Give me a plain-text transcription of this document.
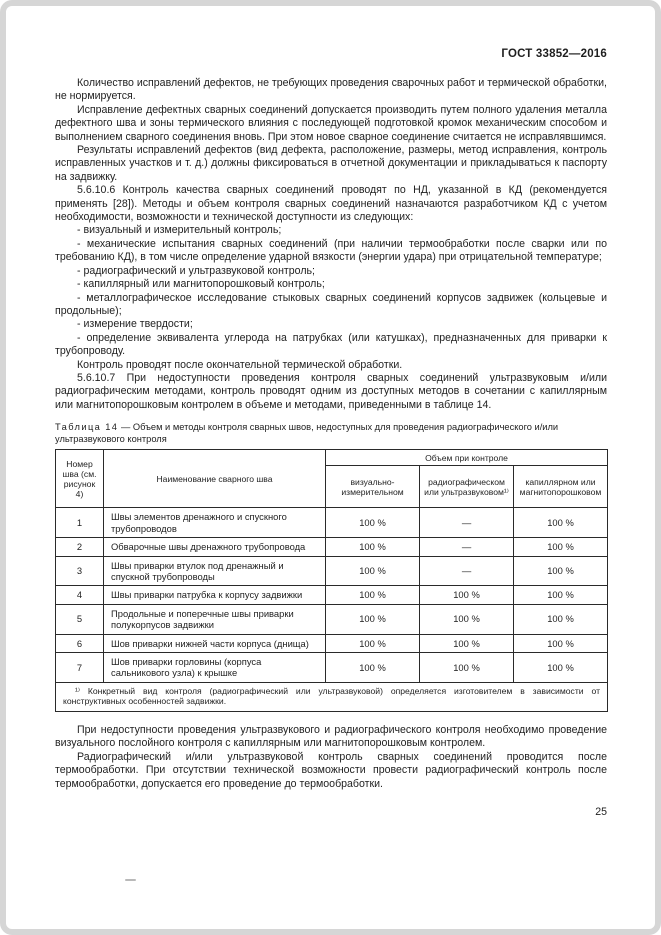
ГОСТ 33852—2016

Количество исправлений дефектов, не требующих проведения сварочных работ и термической обработки, не нормируется.

Исправление дефектных сварных соединений допускается производить путем полного удаления металла дефектного шва и зоны термического влияния с последующей подготовкой кромок механическим способом и выполнением сварного соединения вновь. При этом новое сварное соединение считается не исправлявшимся.

Результаты исправлений дефектов (вид дефекта, расположение, размеры, метод исправления, контроль исправленных участков и т. д.) должны фиксироваться в отчетной документации и прикладываться к паспорту на задвижку.

5.6.10.6 Контроль качества сварных соединений проводят по НД, указанной в КД (рекомендуется применять [28]). Методы и объем контроля сварных соединений назначаются разработчиком КД с учетом необходимости, возможности и технической доступности из следующих:

- визуальный и измерительный контроль;

- механические испытания сварных соединений (при наличии термообработки после сварки или по требованию КД), в том числе определение ударной вязкости (энергии удара) при отрицательной температуре;

- радиографический и ультразвуковой контроль;

- капиллярный или магнитопорошковый контроль;

- металлографическое исследование стыковых сварных соединений корпусов задвижек (кольцевые и продольные);

- измерение твердости;

- определение эквивалента углерода на патрубках (или катушках), предназначенных для приварки к трубопроводу.

Контроль проводят после окончательной термической обработки.

5.6.10.7 При недоступности проведения контроля сварных соединений ультразвуковым и/или радиографическим методами, контроль проводят одним из доступных методов в сочетании с капиллярным или магнитопорошковым контролем в объеме и методами, приведенными в таблице 14.

Таблица 14 — Объем и методы контроля сварных швов, недоступных для проведения радиографического и/или ультразвукового контроля

Номер шва (см. рисунок 4)	Наименование сварного шва	Объем при контроле		
		визуально-измерительном	радиографическом или ультразвуковом¹⁾	капиллярном или магнитопорошковом
1	Швы элементов дренажного и спускного трубопроводов	100 %	—	100 %
2	Обварочные швы дренажного трубопровода	100 %	—	100 %
3	Швы приварки втулок под дренажный и спускной трубопроводы	100 %	—	100 %
4	Швы приварки патрубка к корпусу задвижки	100 %	100 %	100 %
5	Продольные и поперечные швы приварки полукорпусов задвижки	100 %	100 %	100 %
6	Шов приварки нижней части корпуса (днища)	100 %	100 %	100 %
7	Шов приварки горловины (корпуса сальникового узла) к крышке	100 %	100 %	100 %
¹⁾ Конкретный вид контроля (радиографический или ультразвуковой) определяется изготовителем в зависимости от конструктивных особенностей задвижки.				

При недоступности проведения ультразвукового и радиографического контроля необходимо проведение визуального послойного контроля с капиллярным или магнитопорошковым контролем.

Радиографический и/или ультразвуковой контроль сварных соединений проводится после термообработки. При отсутствии технической возможности провести радиографический контроль после термообработки, допускается его проведение до термообработки.

25
